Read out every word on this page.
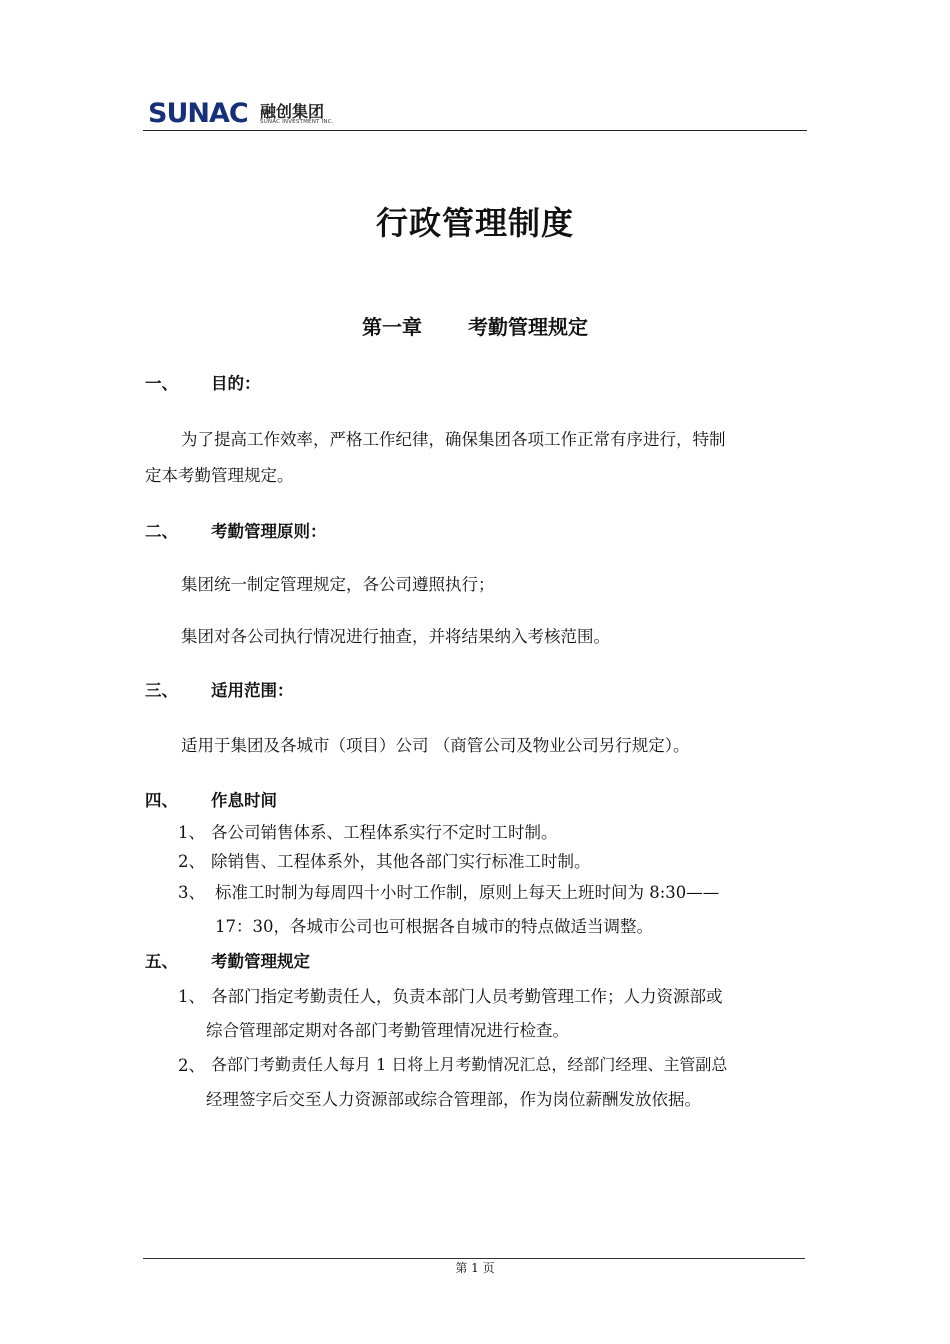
SUNAC 融创集团
SUNAC INVESTMENT INC.
行政管理制度
第一章 考勤管理规定
一、 目的：
为了提高工作效率，严格工作纪律，确保集团各项工作正常有序进行，特制
定本考勤管理规定。
二、 考勤管理原则：
集团统一制定管理规定，各公司遵照执行；
集团对各公司执行情况进行抽查，并将结果纳入考核范围。
三、 适用范围：
适用于集团及各城市（项目）公司 （商管公司及物业公司另行规定）。
四、 作息时间
1、 各公司销售体系、工程体系实行不定时工时制。
2、 除销售、工程体系外，其他各部门实行标准工时制。
3、 标准工时制为每周四十小时工作制，原则上每天上班时间为 8:30——
17：30，各城市公司也可根据各自城市的特点做适当调整。
五、 考勤管理规定
1、 各部门指定考勤责任人，负责本部门人员考勤管理工作；人力资源部或
综合管理部定期对各部门考勤管理情况进行检查。
2、 各部门考勤责任人每月 1 日将上月考勤情况汇总，经部门经理、主管副总
经理签字后交至人力资源部或综合管理部，作为岗位薪酬发放依据。
第 1 页
